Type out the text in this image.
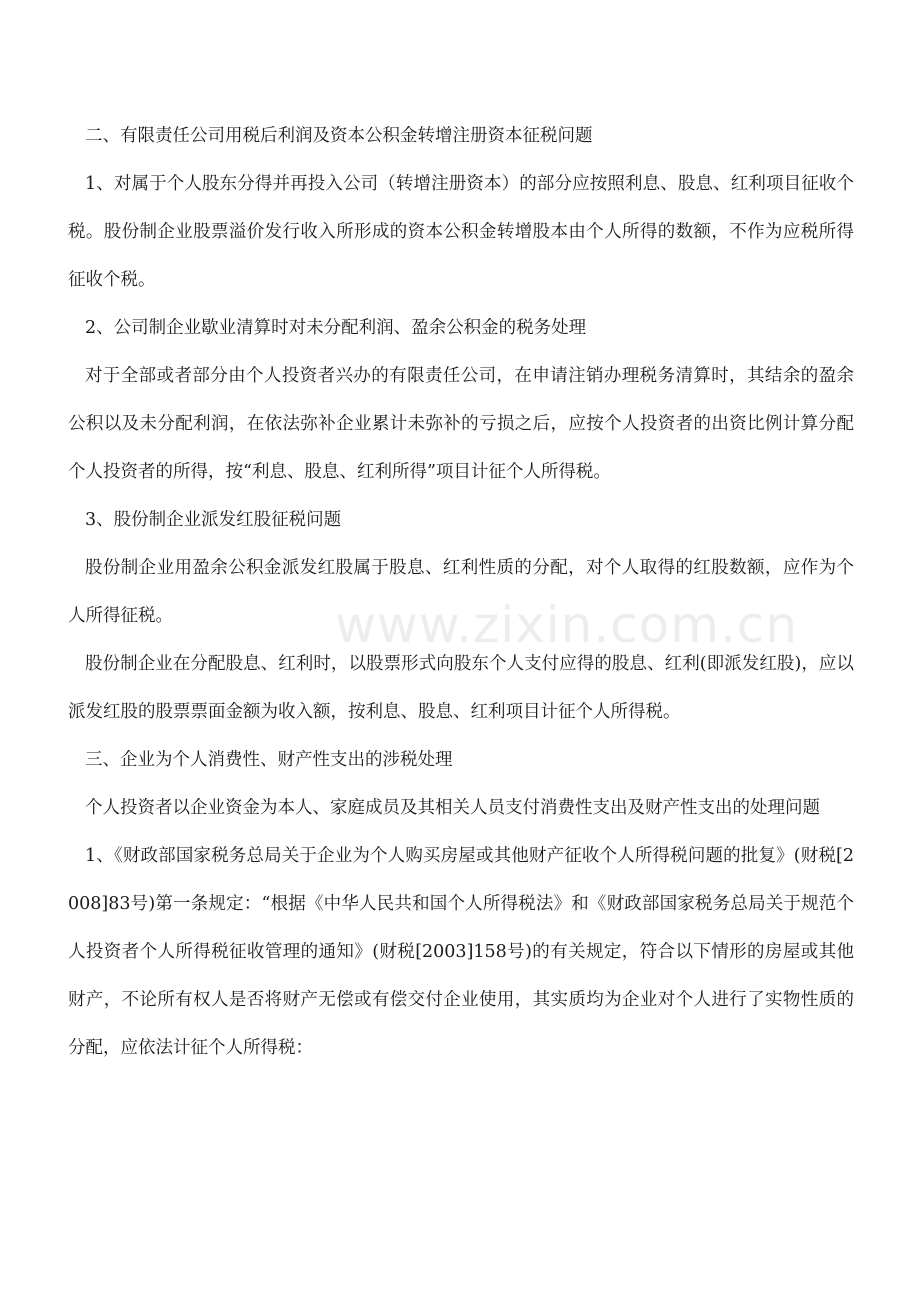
二、有限责任公司用税后利润及资本公积金转增注册资本征税问题

1、对属于个人股东分得并再投入公司（转增注册资本）的部分应按照利息、股息、红利项目征收个税。股份制企业股票溢价发行收入所形成的资本公积金转增股本由个人所得的数额，不作为应税所得征收个税。

2、公司制企业歇业清算时对未分配利润、盈余公积金的税务处理

对于全部或者部分由个人投资者兴办的有限责任公司，在申请注销办理税务清算时，其结余的盈余公积以及未分配利润，在依法弥补企业累计未弥补的亏损之后，应按个人投资者的出资比例计算分配个人投资者的所得，按“利息、股息、红利所得”项目计征个人所得税。

3、股份制企业派发红股征税问题

股份制企业用盈余公积金派发红股属于股息、红利性质的分配，对个人取得的红股数额，应作为个人所得征税。

股份制企业在分配股息、红利时，以股票形式向股东个人支付应得的股息、红利(即派发红股)，应以派发红股的股票票面金额为收入额，按利息、股息、红利项目计征个人所得税。

三、企业为个人消费性、财产性支出的涉税处理

个人投资者以企业资金为本人、家庭成员及其相关人员支付消费性支出及财产性支出的处理问题

1、《财政部国家税务总局关于企业为个人购买房屋或其他财产征收个人所得税问题的批复》(财税[2008]83号)第一条规定：“根据《中华人民共和国个人所得税法》和《财政部国家税务总局关于规范个人投资者个人所得税征收管理的通知》(财税[2003]158号)的有关规定，符合以下情形的房屋或其他财产，不论所有权人是否将财产无偿或有偿交付企业使用，其实质均为企业对个人进行了实物性质的分配，应依法计征个人所得税：

www.zixin.com.cn
